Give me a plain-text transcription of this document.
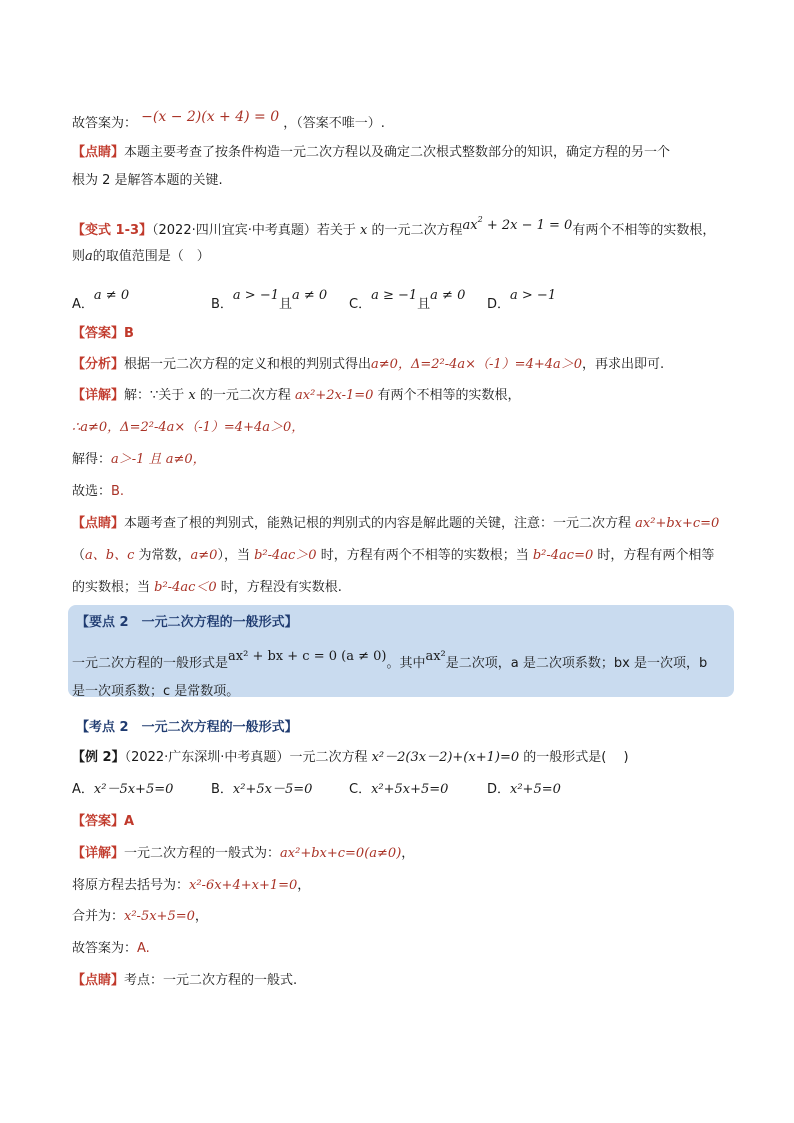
故答案为： −(x − 2)(x + 4) = 0 ，（答案不唯一）.
【点睛】本题主要考查了按条件构造一元二次方程以及确定二次根式整数部分的知识，确定方程的另一个
根为 2 是解答本题的关键.
【变式 1-3】（2022·四川宜宾·中考真题）若关于 x 的一元二次方程$ax^2 + 2x - 1 = 0$有两个不相等的实数根，
则a的取值范围是（　）
A．a ≠ 0
B．a > −1且a ≠ 0
C．a ≥ −1且a ≠ 0
D．a > −1
【答案】B
【分析】根据一元二次方程的定义和根的判别式得出a≠0，Δ=2²-4a×（-1）=4+4a＞0，再求出即可.
【详解】解：∵关于 x 的一元二次方程 ax²+2x-1=0 有两个不相等的实数根，
∴a≠0，Δ=2²-4a×（-1）=4+4a＞0，
解得：a＞-1 且 a≠0，
故选：B.
【点睛】本题考查了根的判别式，能熟记根的判别式的内容是解此题的关键，注意：一元二次方程 ax²+bx+c=0
（a、b、c 为常数，a≠0），当 b²-4ac＞0 时，方程有两个不相等的实数根；当 b²-4ac=0 时，方程有两个相等
的实数根；当 b²-4ac＜0 时，方程没有实数根.
【要点 2　一元二次方程的一般形式】
一元二次方程的一般形式是ax² + bx + c = 0 (a ≠ 0)。其中ax²是二次项，a 是二次项系数；bx 是一次项，b
是一次项系数；c 是常数项。
【考点 2　一元二次方程的一般形式】
【例 2】（2022·广东深圳·中考真题）一元二次方程 x²－2(3x－2)+(x+1)=0 的一般形式是(　 )
A．x²－5x+5=0	B．x²+5x－5=0	C．x²+5x+5=0	D．x²+5=0
【答案】A
【详解】一元二次方程的一般式为：ax²+bx+c=0(a≠0)，
将原方程去括号为：x²-6x+4+x+1=0，
合并为：x²-5x+5=0，
故答案为：A.
【点睛】考点：一元二次方程的一般式.
